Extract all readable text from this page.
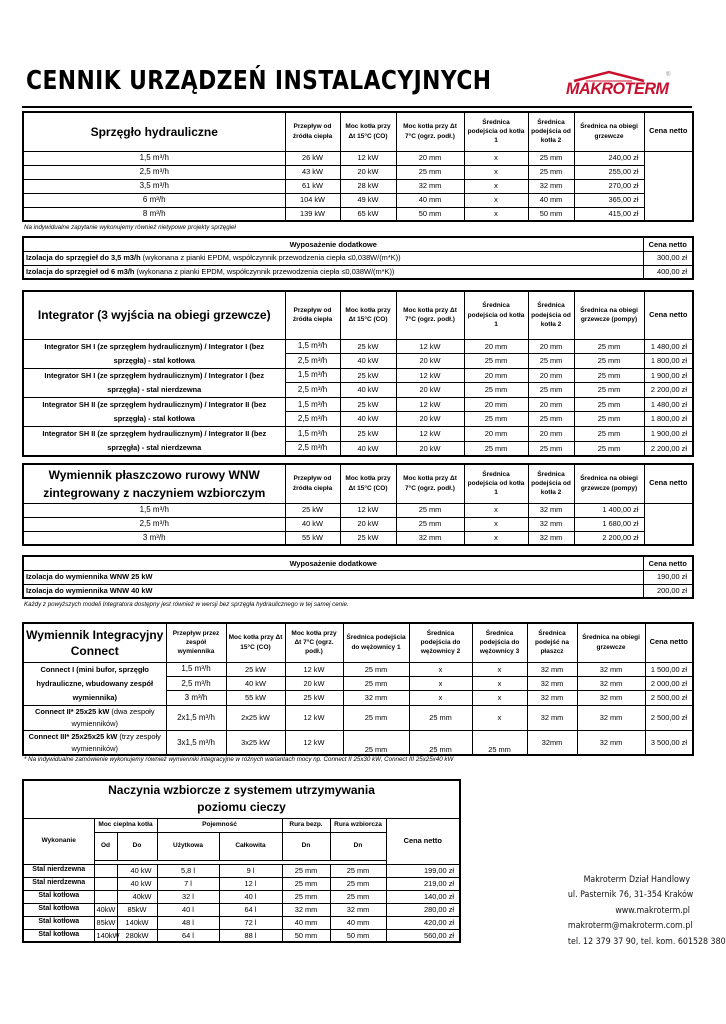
CENNIK URZĄDZEŃ INSTALACYJNYCH	MAKROTERM
®
Sprzęgło hydrauliczne	Przepływ od źródła ciepła	Moc kotła przy Δt 15°C (CO)	Moc kotła przy Δt 7°C (ogrz. podł.)	Średnica podejścia od kotła 1	Średnica podejścia od kotła 2	Średnica na obiegi grzewcze	Cena netto
1,5 m³/h	26 kW	12 kW	20 mm	x	25 mm	240,00 zł	
2,5 m³/h	43 kW	20 kW	25 mm	x	25 mm	255,00 zł	
3,5 m³/h	61 kW	28 kW	32 mm	x	32 mm	270,00 zł	
6 m³/h	104 kW	49 kW	40 mm	x	40 mm	365,00 zł	
8 m³/h	139 kW	65 kW	50 mm	x	50 mm	415,00 zł	
Na indywidualne zapytanie wykonujemy również nietypowe projekty sprzęgieł
Wyposażenie dodatkowe	Cena netto
Izolacja do sprzęgieł do 3,5 m3/h (wykonana z pianki EPDM, współczynnik przewodzenia ciepła ≤0,038W/(m*K))	300,00 zł
Izolacja do sprzęgieł od 6 m3/h (wykonana z pianki EPDM, współczynnik przewodzenia ciepła ≤0,038W/(m*K))	400,00 zł
Integrator (3 wyjścia na obiegi grzewcze)	Przepływ od źródła ciepła	Moc kotła przy Δt 15°C (CO)	Moc kotła przy Δt 7°C (ogrz. podł.)	Średnica podejścia od kotła 1	Średnica podejścia od kotła 2	Średnica na obiegi grzewcze (pompy)	Cena netto
Integrator SH I (ze sprzęgłem hydraulicznym) / Integrator I (bez sprzęgła) - stal kotłowa	1,5 m³/h	25 kW	12 kW	20 mm	20 mm	25 mm	1 480,00 zł
	2,5 m³/h	40 kW	20 kW	25 mm	25 mm	25 mm	1 800,00 zł
Integrator SH I (ze sprzęgłem hydraulicznym) / Integrator I (bez sprzęgła) - stal nierdzewna	1,5 m³/h	25 kW	12 kW	20 mm	20 mm	25 mm	1 900,00 zł
	2,5 m³/h	40 kW	20 kW	25 mm	25 mm	25 mm	2 200,00 zł
Integrator SH II (ze sprzęgłem hydraulicznym) / Integrator II (bez sprzęgła) - stal kotłowa	1,5 m³/h	25 kW	12 kW	20 mm	20 mm	25 mm	1 480,00 zł
	2,5 m³/h	40 kW	20 kW	25 mm	25 mm	25 mm	1 800,00 zł
Integrator SH II (ze sprzęgłem hydraulicznym) / Integrator II (bez sprzęgła) - stal nierdzewna	1,5 m³/h	25 kW	12 kW	20 mm	20 mm	25 mm	1 900,00 zł
	2,5 m³/h	40 kW	20 kW	25 mm	25 mm	25 mm	2 200,00 zł
Wymiennik płaszczowo rurowy WNW zintegrowany z naczyniem wzbiorczym	Przepływ od źródła ciepła	Moc kotła przy Δt 15°C (CO)	Moc kotła przy Δt 7°C (ogrz. podł.)	Średnica podejścia od kotła 1	Średnica podejścia od kotła 2	Średnica na obiegi grzewcze (pompy)	Cena netto
1,5 m³/h	25 kW	12 kW	25 mm	x	32 mm	1 400,00 zł	
2,5 m³/h	40 kW	20 kW	25 mm	x	32 mm	1 680,00 zł	
3 m³/h	55 kW	25 kW	32 mm	x	32 mm	2 200,00 zł	
Wyposażenie dodatkowe	Cena netto
Izolacja do wymiennika WNW 25 kW	190,00 zł
Izolacja do wymiennika WNW 40 kW	200,00 zł
Każdy z powyższych modeli Integratora dostępny jest również w wersji bez sprzęgła hydraulicznego w tej samej cenie.
Wymiennik Integracyjny Connect	Przepływ przez zespół wymiennika	Moc kotła przy Δt 15°C (CO)	Moc kotła przy Δt 7°C (ogrz. podł.)	Średnica podejścia do wężownicy 1	Średnica podejścia do wężownicy 2	Średnica podejścia do wężownicy 3	Średnica podejść na płaszcz	Średnica na obiegi grzewcze	Cena netto
Connect I (mini bufor, sprzęgło hydrauliczne, wbudowany zespół wymiennika)	1,5 m³/h	25 kW	12 kW	25 mm	x	x	32 mm	32 mm	1 500,00 zł
	2,5 m³/h	40 kW	20 kW	25 mm	x	x	32 mm	32 mm	2 000,00 zł
	3 m³/h	55 kW	25 kW	32 mm	x	x	32 mm	32 mm	2 500,00 zł
Connect II* 25x25 kW (dwa zespoły wymienników)	2x1,5 m³/h	2x25 kW	12 kW	25 mm	25 mm	x	32 mm	32 mm	2 500,00 zł
Connect III* 25x25x25 kW (trzy zespoły wymienników)	3x1,5 m³/h	3x25 kW	12 kW	25 mm	25 mm	25 mm	32mm	32 mm	3 500,00 zł
* Na indywidualne zamówienie wykonujemy również wymienniki integracyjne w różnych wariantach mocy np. Connect II 25x30 kW, Connect III 25x25x40 kW
Naczynia wzbiorcze z systemem utrzymywania poziomu cieczy							
Wykonanie	Moc cieplna kotła		Pojemność		Rura bezp.	Rura wzbiorcza	Cena netto
	Od	Do	Użytkowa	Całkowita	Dn	Dn	

Stal nierdzewna		40 kW	5,8 l	9 l	25 mm	25 mm	199,00 zł
Stal nierdzewna		40 kW	7 l	12 l	25 mm	25 mm	219,00 zł
Stal kotłowa		40kW	32 l	40 l	25 mm	25 mm	140,00 zł
Stal kotłowa	40kW	85kW	40 l	64 l	32 mm	32 mm	280,00 zł
Stal kotłowa	85kW	140kW	48 l	72 l	40 mm	40 mm	420,00 zł
Stal kotłowa	140kW	280kW	64 l	88 l	50 mm	50 mm	560,00 zł
Makroterm Dział Handlowy
ul. Pasternik 76, 31-354 Kraków
www.makroterm.pl
makroterm@makroterm.com.pl
tel. 12 379 37 90, tel. kom. 601528 380
